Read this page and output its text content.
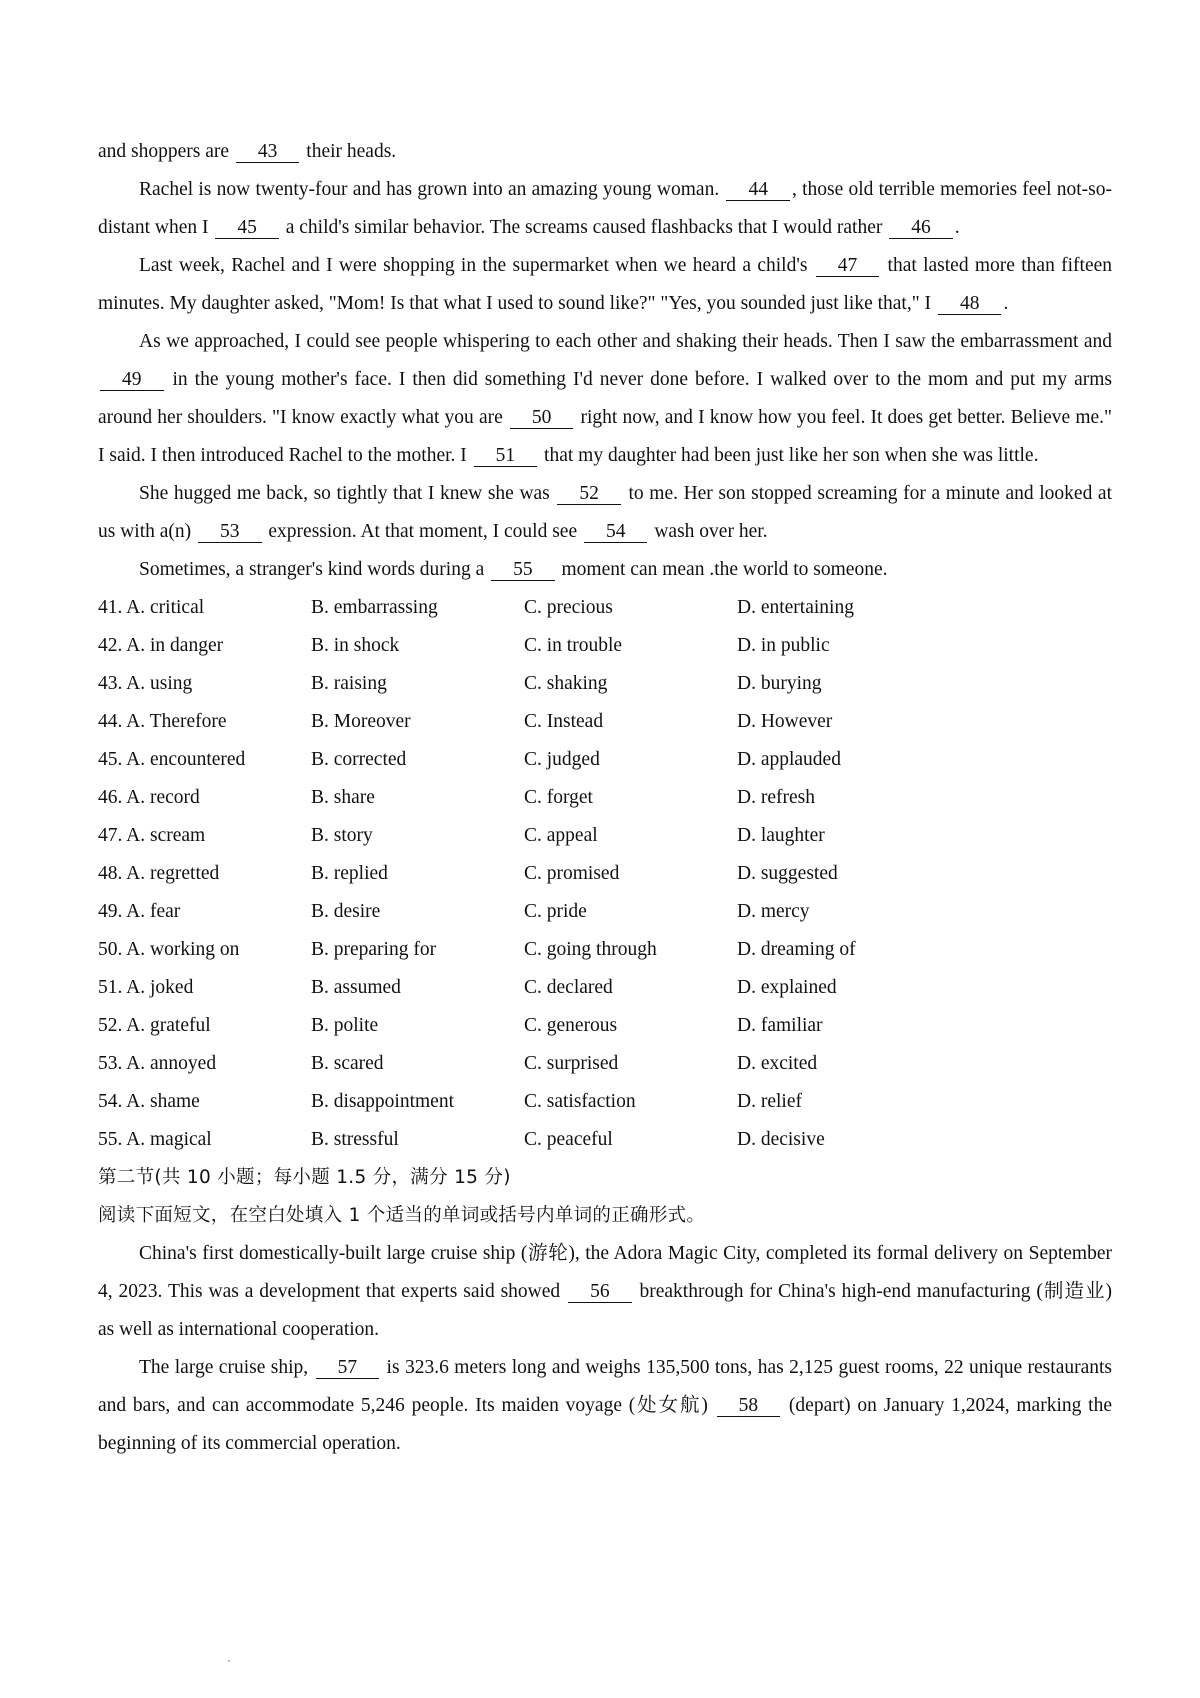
and shoppers are 43 their heads.

Rachel is now twenty-four and has grown into an amazing young woman. 44 , those old terrible memories feel not-so-distant when I 45 a child's similar behavior. The screams caused flashbacks that I would rather 46 .

Last week, Rachel and I were shopping in the supermarket when we heard a child's 47 that lasted more than fifteen minutes. My daughter asked, "Mom! Is that what I used to sound like?" "Yes, you sounded just like that," I 48 .

As we approached, I could see people whispering to each other and shaking their heads. Then I saw the embarrassment and 49 in the young mother's face. I then did something I'd never done before. I walked over to the mom and put my arms around her shoulders. "I know exactly what you are 50 right now, and I know how you feel. It does get better. Believe me." I said. I then introduced Rachel to the mother. I 51 that my daughter had been just like her son when she was little.

She hugged me back, so tightly that I knew she was 52 to me. Her son stopped screaming for a minute and looked at us with a(n) 53 expression. At that moment, I could see 54 wash over her.

Sometimes, a stranger's kind words during a 55 moment can mean .the world to someone.

41. A. critical	B. embarrassing	C. precious	D. entertaining
42. A. in danger	B. in shock	C. in trouble	D. in public
43. A. using	B. raising	C. shaking	D. burying
44. A. Therefore	B. Moreover	C. Instead	D. However
45. A. encountered	B. corrected	C. judged	D. applauded
46. A. record	B. share	C. forget	D. refresh
47. A. scream	B. story	C. appeal	D. laughter
48. A. regretted	B. replied	C. promised	D. suggested
49. A. fear	B. desire	C. pride	D. mercy
50. A. working on	B. preparing for	C. going through	D. dreaming of
51. A. joked	B. assumed	C. declared	D. explained
52. A. grateful	B. polite	C. generous	D. familiar
53. A. annoyed	B. scared	C. surprised	D. excited
54. A. shame	B. disappointment	C. satisfaction	D. relief
55. A. magical	B. stressful	C. peaceful	D. decisive

第二节(共 10 小题；每小题 1.5 分，满分 15 分)

阅读下面短文，在空白处填入 1 个适当的单词或括号内单词的正确形式。

China's first domestically-built large cruise ship (游轮), the Adora Magic City, completed its formal delivery on September 4, 2023. This was a development that experts said showed 56 breakthrough for China's high-end manufacturing (制造业) as well as international cooperation.

The large cruise ship, 57 is 323.6 meters long and weighs 135,500 tons, has 2,125 guest rooms, 22 unique restaurants and bars, and can accommodate 5,246 people. Its maiden voyage (处女航) 58 (depart) on January 1,2024, marking the beginning of its commercial operation.
